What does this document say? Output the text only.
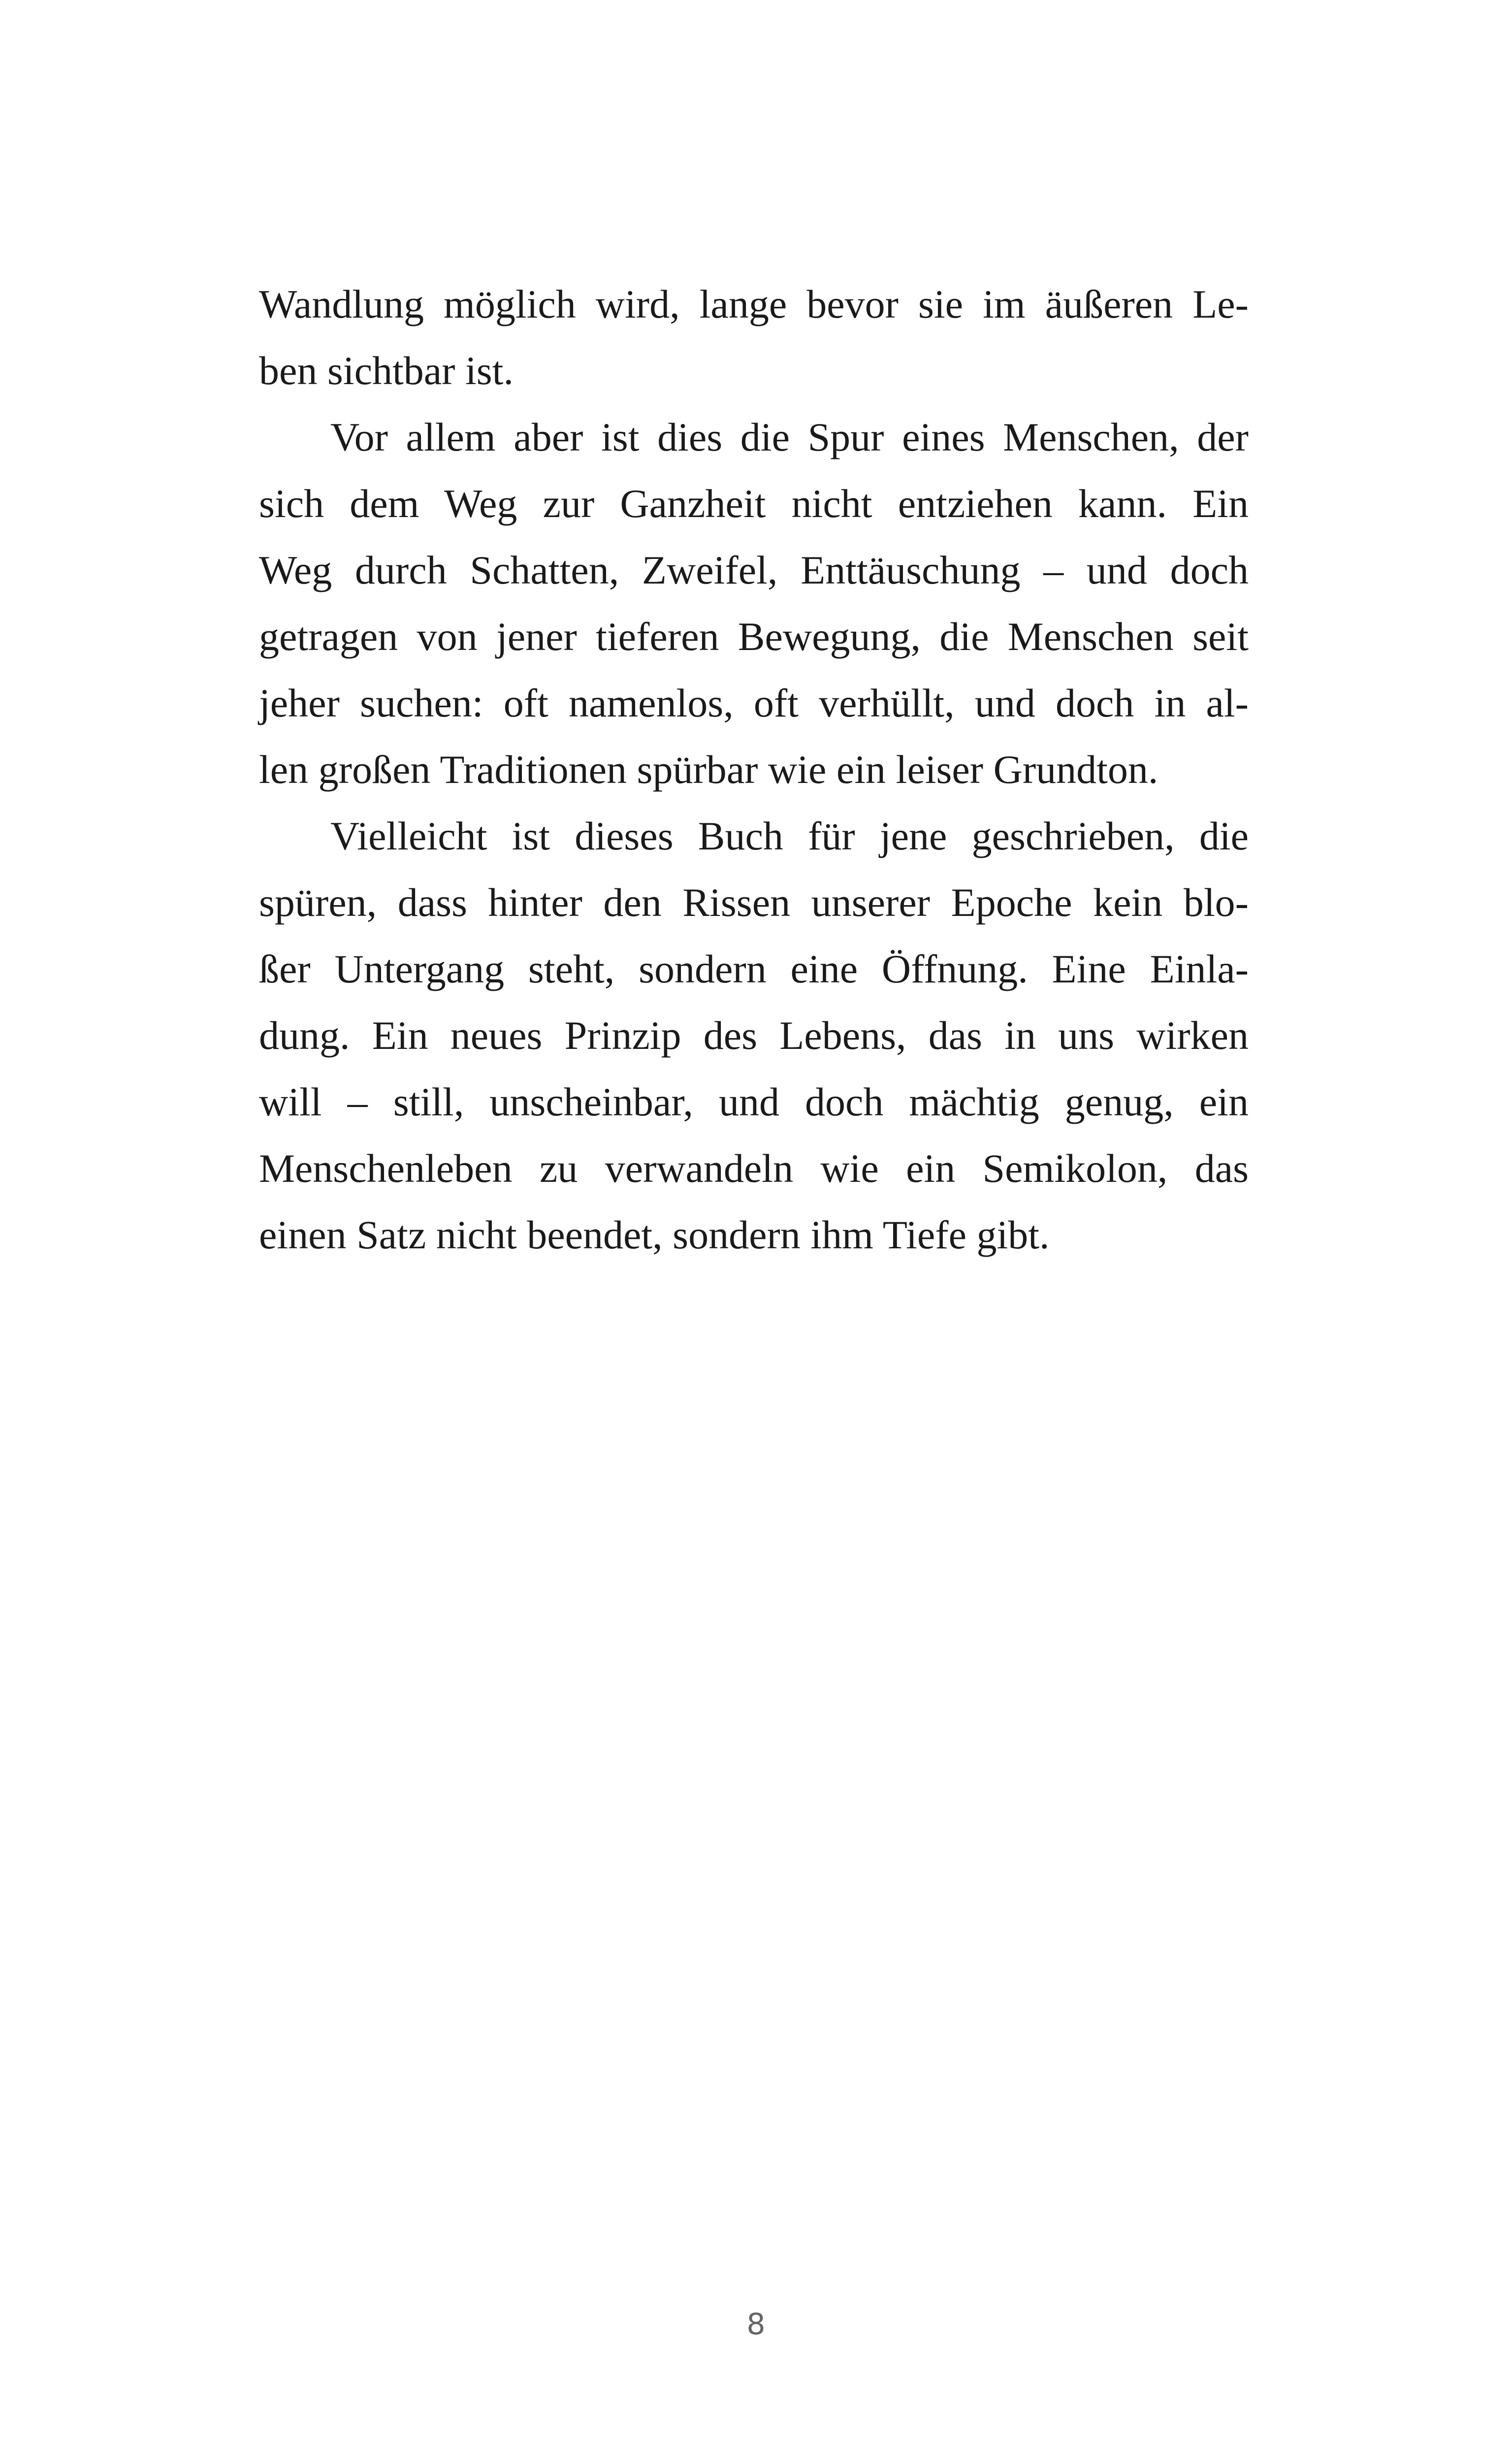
Wandlung möglich wird, lange bevor sie im äußeren Le-
ben sichtbar ist.
Vor allem aber ist dies die Spur eines Menschen, der
sich dem Weg zur Ganzheit nicht entziehen kann. Ein
Weg durch Schatten, Zweifel, Enttäuschung – und doch
getragen von jener tieferen Bewegung, die Menschen seit
jeher suchen: oft namenlos, oft verhüllt, und doch in al-
len großen Traditionen spürbar wie ein leiser Grundton.
Vielleicht ist dieses Buch für jene geschrieben, die
spüren, dass hinter den Rissen unserer Epoche kein blo-
ßer Untergang steht, sondern eine Öffnung. Eine Einla-
dung. Ein neues Prinzip des Lebens, das in uns wirken
will – still, unscheinbar, und doch mächtig genug, ein
Menschenleben zu verwandeln wie ein Semikolon, das
einen Satz nicht beendet, sondern ihm Tiefe gibt.
8
